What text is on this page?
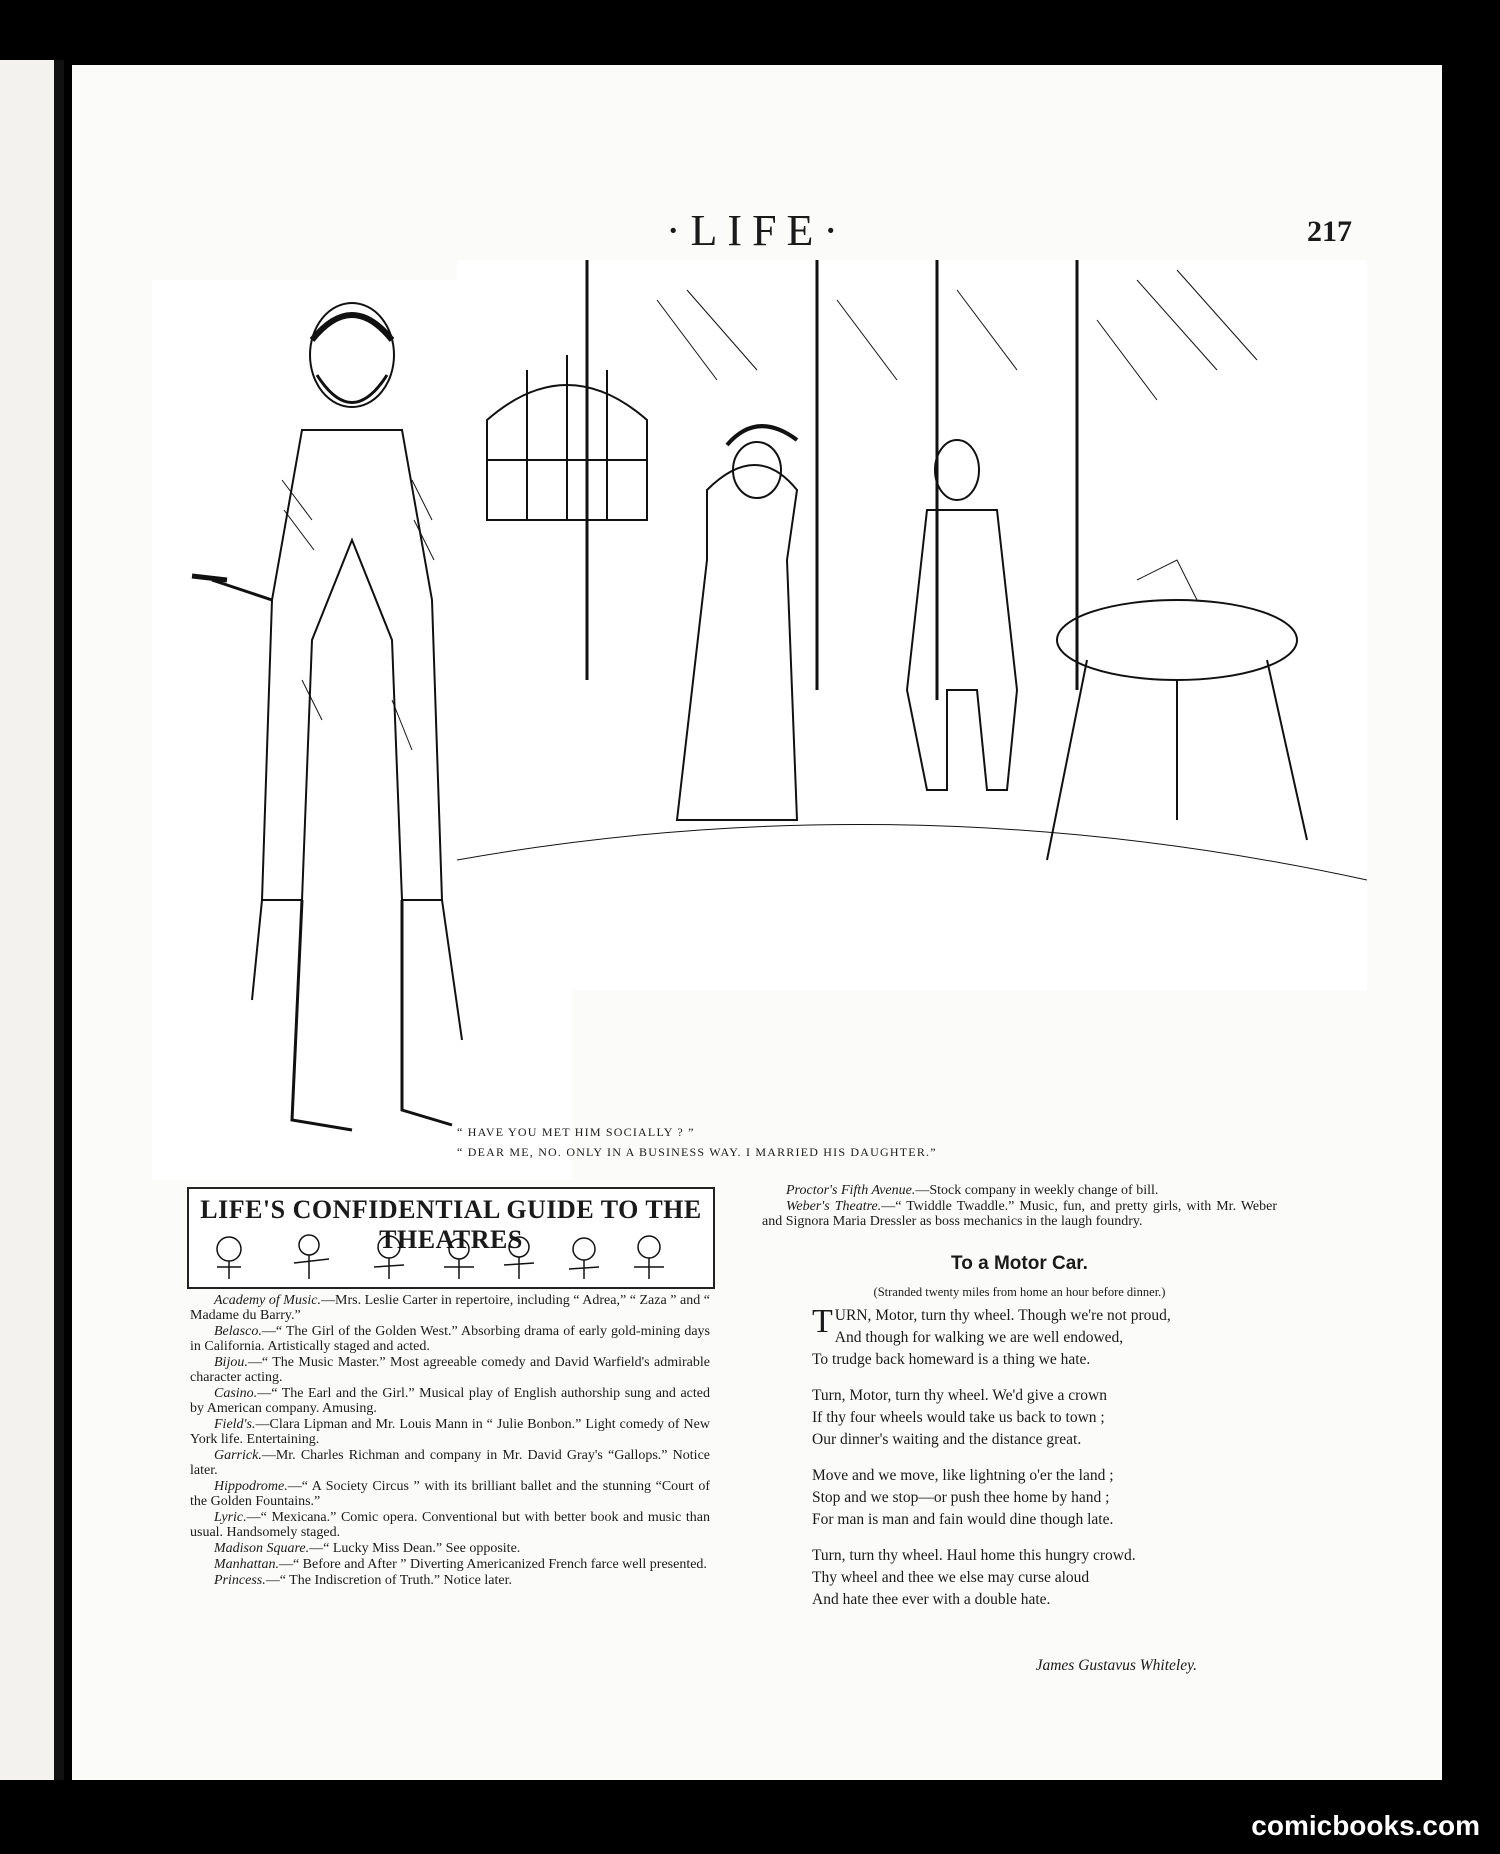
·LIFE·	217
“ HAVE YOU MET HIM SOCIALLY ? ”
“ DEAR ME, NO. ONLY IN A BUSINESS WAY. I MARRIED HIS DAUGHTER.”
LIFE'S CONFIDENTIAL GUIDE TO THE THEATRES

Academy of Music.—Mrs. Leslie Carter in repertoire, including “ Adrea,” “ Zaza ” and “ Madame du Barry.”

Belasco.—“ The Girl of the Golden West.” Absorbing drama of early gold-mining days in California. Artistically staged and acted.

Bijou.—“ The Music Master.” Most agreeable comedy and David Warfield's admirable character acting.

Casino.—“ The Earl and the Girl.” Musical play of English authorship sung and acted by American company. Amusing.

Field's.—Clara Lipman and Mr. Louis Mann in “ Julie Bonbon.” Light comedy of New York life. Entertaining.

Garrick.—Mr. Charles Richman and company in Mr. David Gray's “Gallops.” Notice later.

Hippodrome.—“ A Society Circus ” with its brilliant ballet and the stunning “Court of the Golden Fountains.”

Lyric.—“ Mexicana.” Comic opera. Conventional but with better book and music than usual. Handsomely staged.

Madison Square.—“ Lucky Miss Dean.” See opposite.

Manhattan.—“ Before and After ” Diverting Americanized French farce well presented.

Princess.—“ The Indiscretion of Truth.” Notice later.

Proctor's Fifth Avenue.—Stock company in weekly change of bill.

Weber's Theatre.—“ Twiddle Twaddle.” Music, fun, and pretty girls, with Mr. Weber and Signora Maria Dressler as boss mechanics in the laugh foundry.

To a Motor Car.
(Stranded twenty miles from home an hour before dinner.)
T URN, Motor, turn thy wheel. Though we're not proud,
And though for walking we are well endowed,
To trudge back homeward is a thing we hate.
Turn, Motor, turn thy wheel. We'd give a crown
If thy four wheels would take us back to town ;
Our dinner's waiting and the distance great.
Move and we move, like lightning o'er the land ;
Stop and we stop—or push thee home by hand ;
For man is man and fain would dine though late.
Turn, turn thy wheel. Haul home this hungry crowd.
Thy wheel and thee we else may curse aloud
And hate thee ever with a double hate.
James Gustavus Whiteley.
comicbooks.com
